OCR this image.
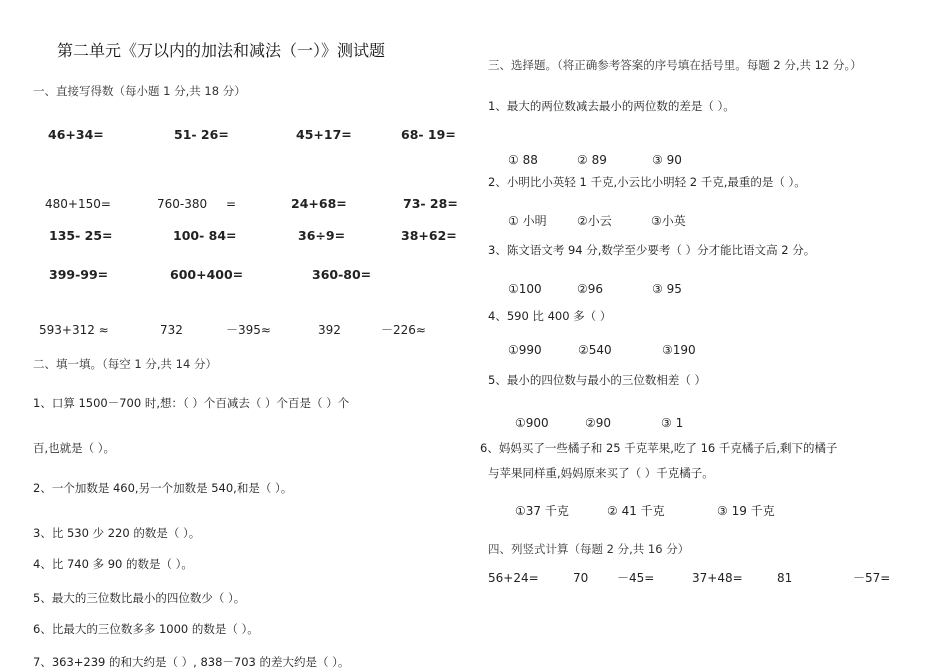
第二单元《万以内的加法和减法（一）》测试题
一、直接写得数（每小题 1 分,共 18 分）
46+34=	51- 26=	45+17=	68- 19=
480+150=	760-380 =	24+68=	73- 28=
135- 25=	100- 84=	36÷9=	38+62=
399-99=	600+400=	360-80=
593+312 ≈	732	－395≈	392	－226≈
二、填一填。（每空 1 分,共 14 分）
1、口算 1500－700 时,想：（ ）个百减去（ ）个百是（ ）个
百,也就是（ ）。
2、一个加数是 460,另一个加数是 540,和是（ ）。
3、比 530 少 220 的数是（ ）。
4、比 740 多 90 的数是（ ）。
5、最大的三位数比最小的四位数少（ ）。
6、比最大的三位数多多 1000 的数是（ ）。
7、363+239 的和大约是（ ）, 838－703 的差大约是（ ）。
三、选择题。（将正确参考答案的序号填在括号里。每题 2 分,共 12 分。）
1、最大的两位数减去最小的两位数的差是（ ）。
① 88	② 89	③ 90
2、小明比小英轻 1 千克,小云比小明轻 2 千克,最重的是（ ）。
① 小明	②小云	③小英
3、陈文语文考 94 分,数学至少要考（ ）分才能比语文高 2 分。
①100	②96	③ 95
4、590 比 400 多（ ）
①990	②540	③190
5、最小的四位数与最小的三位数相差（ ）
①900	②90	③ 1
6、妈妈买了一些橘子和 25 千克苹果,吃了 16 千克橘子后,剩下的橘子
与苹果同样重,妈妈原来买了（ ）千克橘子。
①37 千克	② 41 千克	③ 19 千克
四、列竖式计算（每题 2 分,共 16 分）
56+24=	70 －45=	37+48=	81	－57=
